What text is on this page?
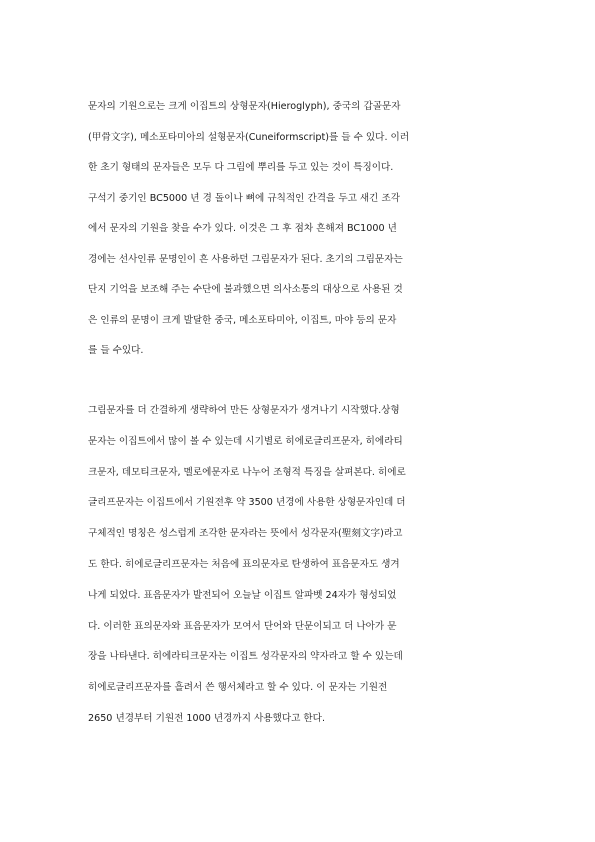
문자의 기원으로는 크게 이집트의 상형문자(Hieroglyph), 중국의 갑골문자
(甲骨文字), 메소포타미아의 설형문자(Cuneiformscript)를 들 수 있다. 이러
한 초기 형태의 문자들은 모두 다 그림에 뿌리를 두고 있는 것이 특징이다.
구석기 중기인 BC5000 년 경 돌이나 뼈에 규칙적인 간격을 두고 새긴 조각
에서 문자의 기원을 찾을 수가 있다. 이것은 그 후 점차 흔해져 BC1000 년
경에는 선사인류 문명인이 흔 사용하던 그림문자가 된다. 초기의 그림문자는
단지 기억을 보조해 주는 수단에 불과했으면 의사소통의 대상으로 사용된 것
은 인류의 문명이 크게 발달한 중국, 메소포타미아, 이집트, 마야 등의 문자
를 들 수있다.
그림문자를 더 간결하게 생략하여 만든 상형문자가 생겨나기 시작했다.상형
문자는 이집트에서 많이 볼 수 있는데 시기별로 히에로글리프문자, 히에라티
크문자, 데모티크문자, 멜로에문자로 나누어 조형적 특징을 살펴본다. 히에로
글리프문자는 이집트에서 기원전후 약 3500 년경에 사용한 상형문자인데 더
구체적인 명칭은 성스럽게 조각한 문자라는 뜻에서 성각문자(聖刻文字)라고
도 한다. 히에로글리프문자는 처음에 표의문자로 탄생하여 표음문자도 생겨
나게 되었다. 표음문자가 발전되어 오늘날 이집트 알파벳 24자가 형성되었
다. 이러한 표의문자와 표음문자가 모여서 단어와 단문이되고 더 나아가 문
장을 나타낸다. 히에라티크문자는 이집트 성각문자의 약자라고 할 수 있는데
히에로글리프문자를 흘려서 쓴 행서체라고 할 수 있다. 이 문자는 기원전
2650 년경부터 기원전 1000 년경까지 사용했다고 한다.
